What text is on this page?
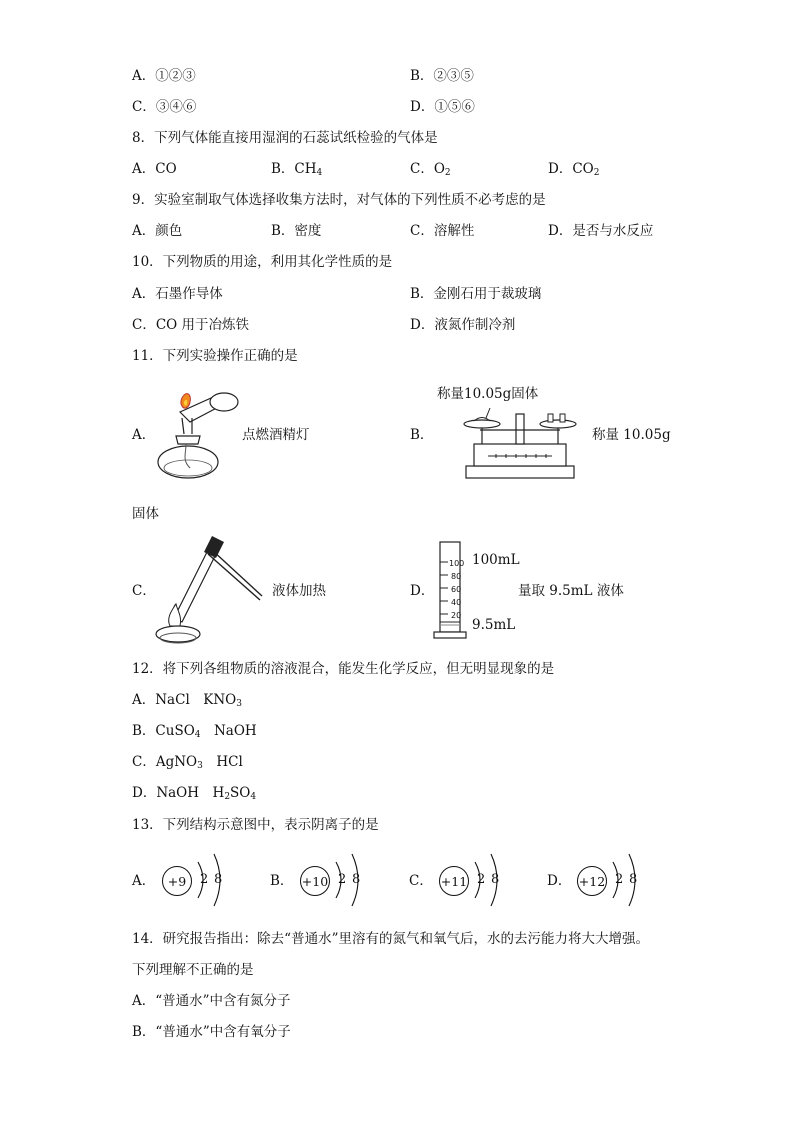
A．①②③	B．②③⑤
C．③④⑥	D．①⑤⑥
8．下列气体能直接用湿润的石蕊试纸检验的气体是
A．CO	B．$CH_4$	C．$O_2$	D．$CO_2$
9．实验室制取气体选择收集方法时，对气体的下列性质不必考虑的是
A．颜色	B．密度	C．溶解性	D．是否与水反应
10．下列物质的用途，利用其化学性质的是
A．石墨作导体	B．金刚石用于裁玻璃
C．CO 用于冶炼铁	D．液氮作制冷剂
11．下列实验操作正确的是
A．	点燃酒精灯	B．
称量10.05g固体
称量 10.05g
固体
C．	液体加热	D．
100
80
60
40
20
100mL
9.5mL
量取 9.5mL 液体
12．将下列各组物质的溶液混合，能发生化学反应，但无明显现象的是
A．NaCl　$KNO_3$
B．CuSO$_4$　NaOH
C．AgNO$_3$　HCl
D．NaOH　$H_2SO_4$
13．下列结构示意图中，表示阴离子的是
A．	+9	2 8	B． +10 2 8	C． +11 2 8	D． +12 2 8
14．研究报告指出：除去“普通水”里溶有的氮气和氧气后，水的去污能力将大大增强。
下列理解不正确的是
A．“普通水”中含有氮分子
B．“普通水”中含有氧分子
